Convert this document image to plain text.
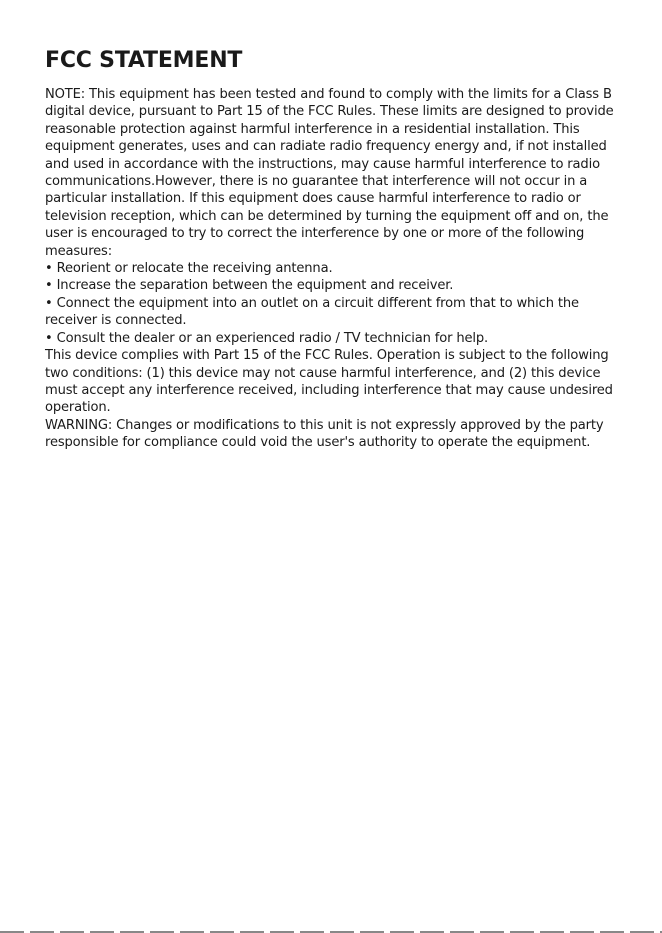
FCC STATEMENT

NOTE: This equipment has been tested and found to comply with the limits for a Class B digital device, pursuant to Part 15 of the FCC Rules. These limits are designed to provide reasonable protection against harmful interference in a residential installation. This equipment generates, uses and can radiate radio frequency energy and, if not installed and used in accordance with the instructions, may cause harmful interference to radio communications.However, there is no guarantee that interference will not occur in a particular installation. If this equipment does cause harmful interference to radio or television reception, which can be determined by turning the equipment off and on, the user is encouraged to try to correct the interference by one or more of the following measures:

• Reorient or relocate the receiving antenna.

• Increase the separation between the equipment and receiver.

• Connect the equipment into an outlet on a circuit different from that to which the receiver is connected.

• Consult the dealer or an experienced radio / TV technician for help.

This device complies with Part 15 of the FCC Rules. Operation is subject to the following two conditions: (1) this device may not cause harmful interference, and (2) this device must accept any interference received, including interference that may cause undesired operation.

WARNING: Changes or modifications to this unit is not expressly approved by the party responsible for compliance could void the user's authority to operate the equipment.
